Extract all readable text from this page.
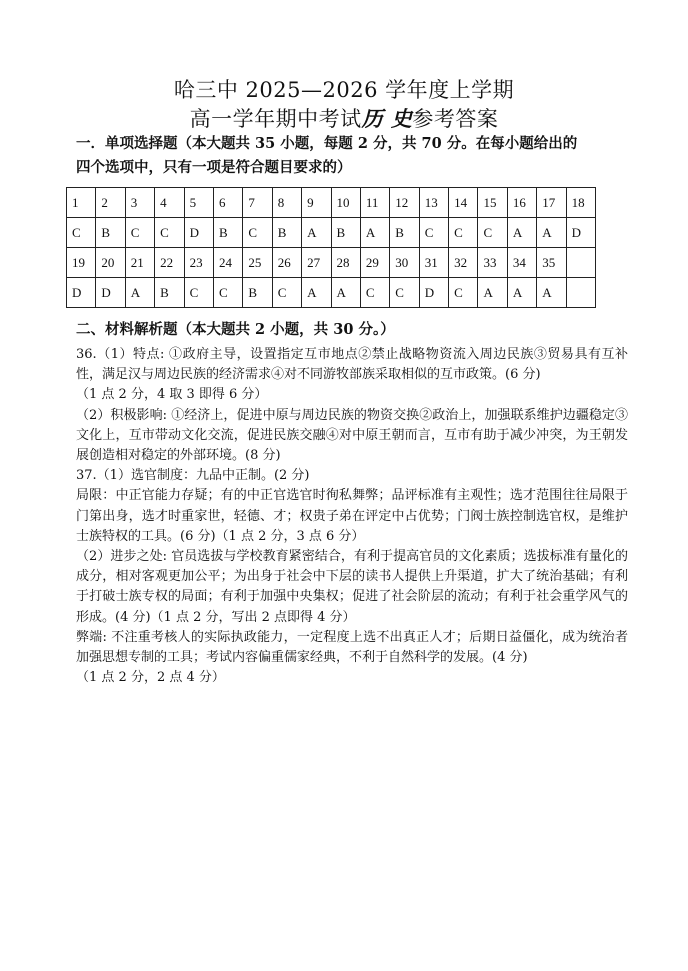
哈三中 2025—2026 学年度上学期
高一学年期中考试历 史参考答案
一．单项选择题（本大题共 35 小题，每题 2 分，共 70 分。在每小题给出的
四个选项中，只有一项是符合题目要求的）
1	2	3	4	5	6	7	8	9	10	11	12	13	14	15	16	17	18
C	B	C	C	D	B	C	B	A	B	A	B	C	C	C	A	A	D
19	20	21	22	23	24	25	26	27	28	29	30	31	32	33	34	35	
D	D	A	B	C	C	B	C	A	A	C	C	D	C	A	A	A	
二、材料解析题（本大题共 2 小题，共 30 分。）

36.（1）特点: ①政府主导，设置指定互市地点②禁止战略物资流入周边民族③贸易具有互补性，满足汉与周边民族的经济需求④对不同游牧部族采取相似的互市政策。(6 分)

（1 点 2 分，4 取 3 即得 6 分）

（2）积极影响: ①经济上，促进中原与周边民族的物资交换②政治上，加强联系维护边疆稳定③文化上，互市带动文化交流，促进民族交融④对中原王朝而言，互市有助于减少冲突，为王朝发展创造相对稳定的外部环境。(8 分)

37.（1）选官制度：九品中正制。(2 分)

局限：中正官能力存疑；有的中正官选官时徇私舞弊；品评标准有主观性；选才范围往往局限于门第出身，选才时重家世，轻德、才；权贵子弟在评定中占优势；门阀士族控制选官权，是维护士族特权的工具。(6 分)（1 点 2 分，3 点 6 分）

（2）进步之处: 官员选拔与学校教育紧密结合，有利于提高官员的文化素质；选拔标准有量化的成分，相对客观更加公平；为出身于社会中下层的读书人提供上升渠道，扩大了统治基础；有利于打破士族专权的局面；有利于加强中央集权；促进了社会阶层的流动；有利于社会重学风气的形成。(4 分)（1 点 2 分，写出 2 点即得 4 分）

弊端: 不注重考核人的实际执政能力，一定程度上选不出真正人才；后期日益僵化，成为统治者加强思想专制的工具；考试内容偏重儒家经典，不利于自然科学的发展。(4 分)

（1 点 2 分，2 点 4 分）
